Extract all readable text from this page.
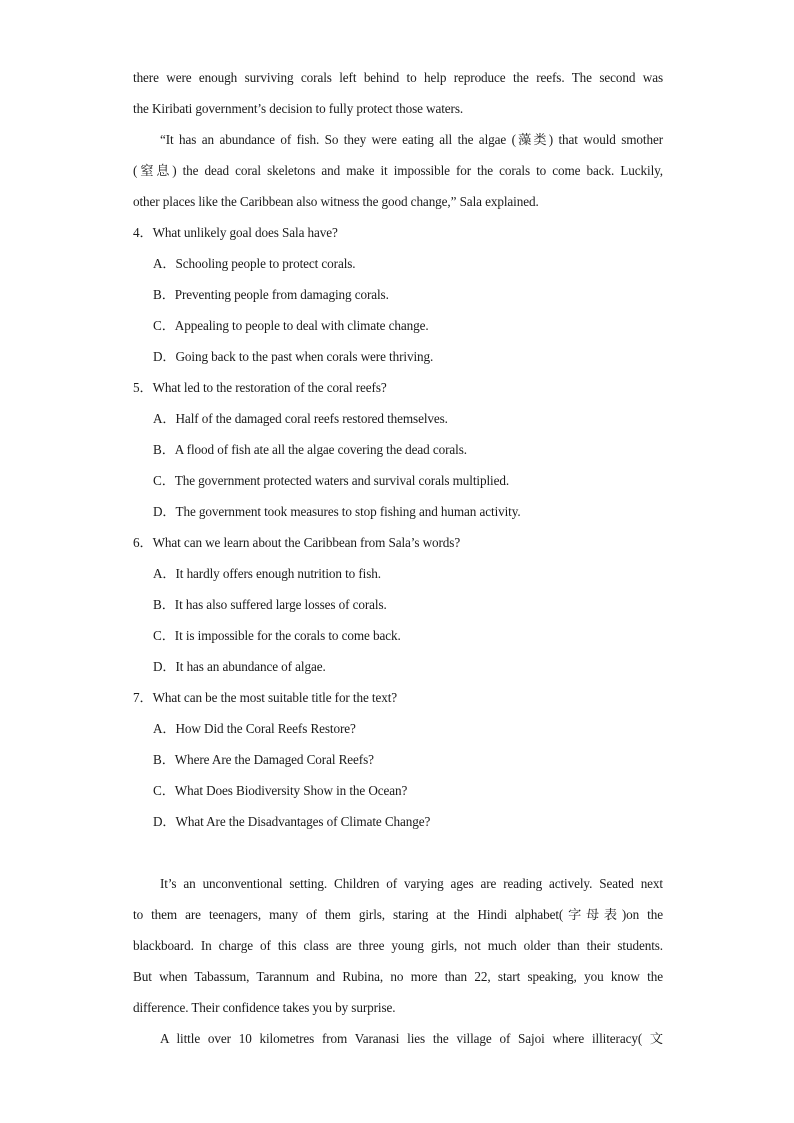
there were enough surviving corals left behind to help reproduce the reefs. The second was
the Kiribati government’s decision to fully protect those waters.
“It has an abundance of fish. So they were eating all the algae (藻类) that would smother
(窒息) the dead coral skeletons and make it impossible for the corals to come back. Luckily,
other places like the Caribbean also witness the good change,” Sala explained.
4．What unlikely goal does Sala have?
A．Schooling people to protect corals.
B．Preventing people from damaging corals.
C．Appealing to people to deal with climate change.
D．Going back to the past when corals were thriving.
5．What led to the restoration of the coral reefs?
A．Half of the damaged coral reefs restored themselves.
B．A flood of fish ate all the algae covering the dead corals.
C．The government protected waters and survival corals multiplied.
D．The government took measures to stop fishing and human activity.
6．What can we learn about the Caribbean from Sala’s words?
A．It hardly offers enough nutrition to fish.
B．It has also suffered large losses of corals.
C．It is impossible for the corals to come back.
D．It has an abundance of algae.
7．What can be the most suitable title for the text?
A．How Did the Coral Reefs Restore?
B．Where Are the Damaged Coral Reefs?
C．What Does Biodiversity Show in the Ocean?
D．What Are the Disadvantages of Climate Change?
It’s an unconventional setting. Children of varying ages are reading actively. Seated next
to them are teenagers, many of them girls, staring at the Hindi alphabet(字母表)on the
blackboard. In charge of this class are three young girls, not much older than their students.
But when Tabassum, Tarannum and Rubina, no more than 22, start speaking, you know the
difference. Their confidence takes you by surprise.
A little over 10 kilometres from Varanasi lies the village of Sajoi where illiteracy( 文
